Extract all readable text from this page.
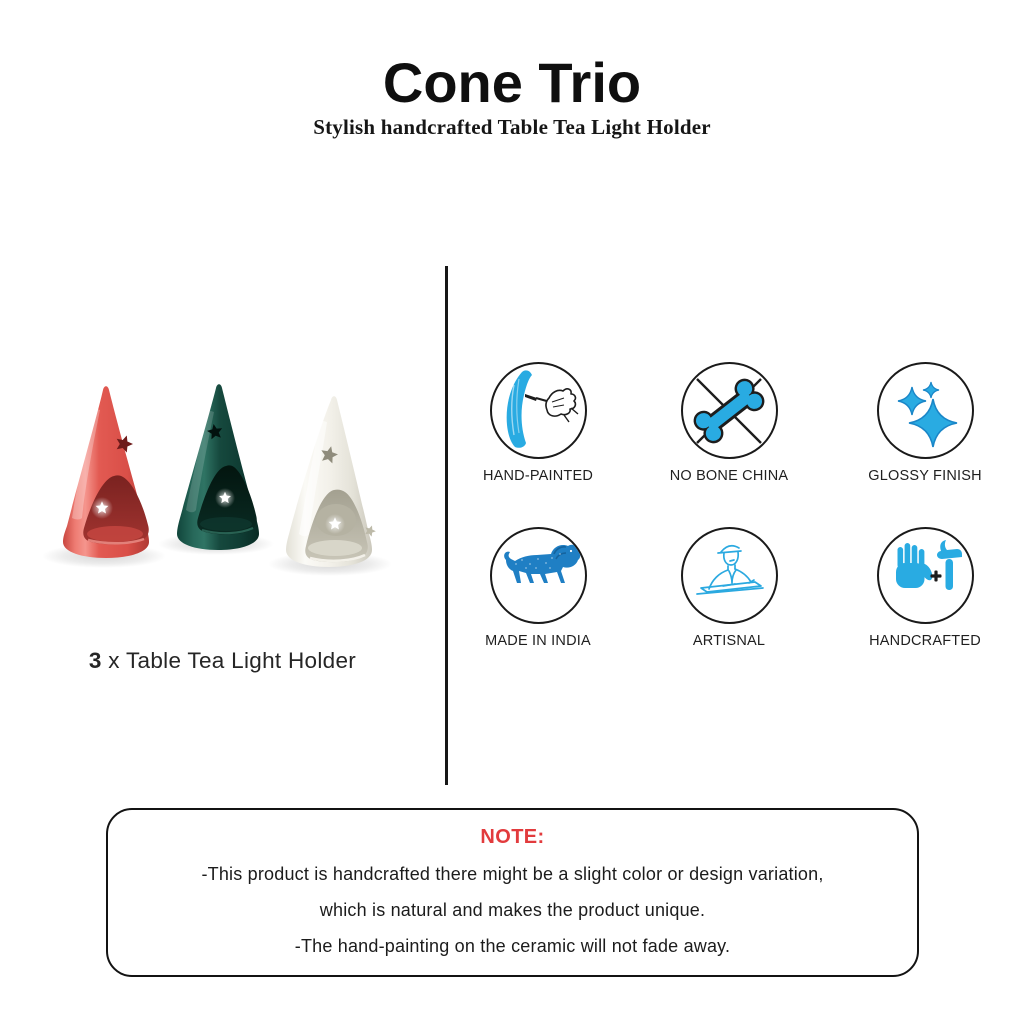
Cone Trio

Stylish handcrafted Table Tea Light Holder

3 x Table Tea Light Holder

HAND-PAINTED	NO BONE CHINA	GLOSSY FINISH
MADE IN INDIA	ARTISNAL	HANDCRAFTED

NOTE:

-This product is handcrafted there might be a slight color or design variation,

which is natural and makes the product unique.

-The hand-painting on the ceramic will not fade away.
